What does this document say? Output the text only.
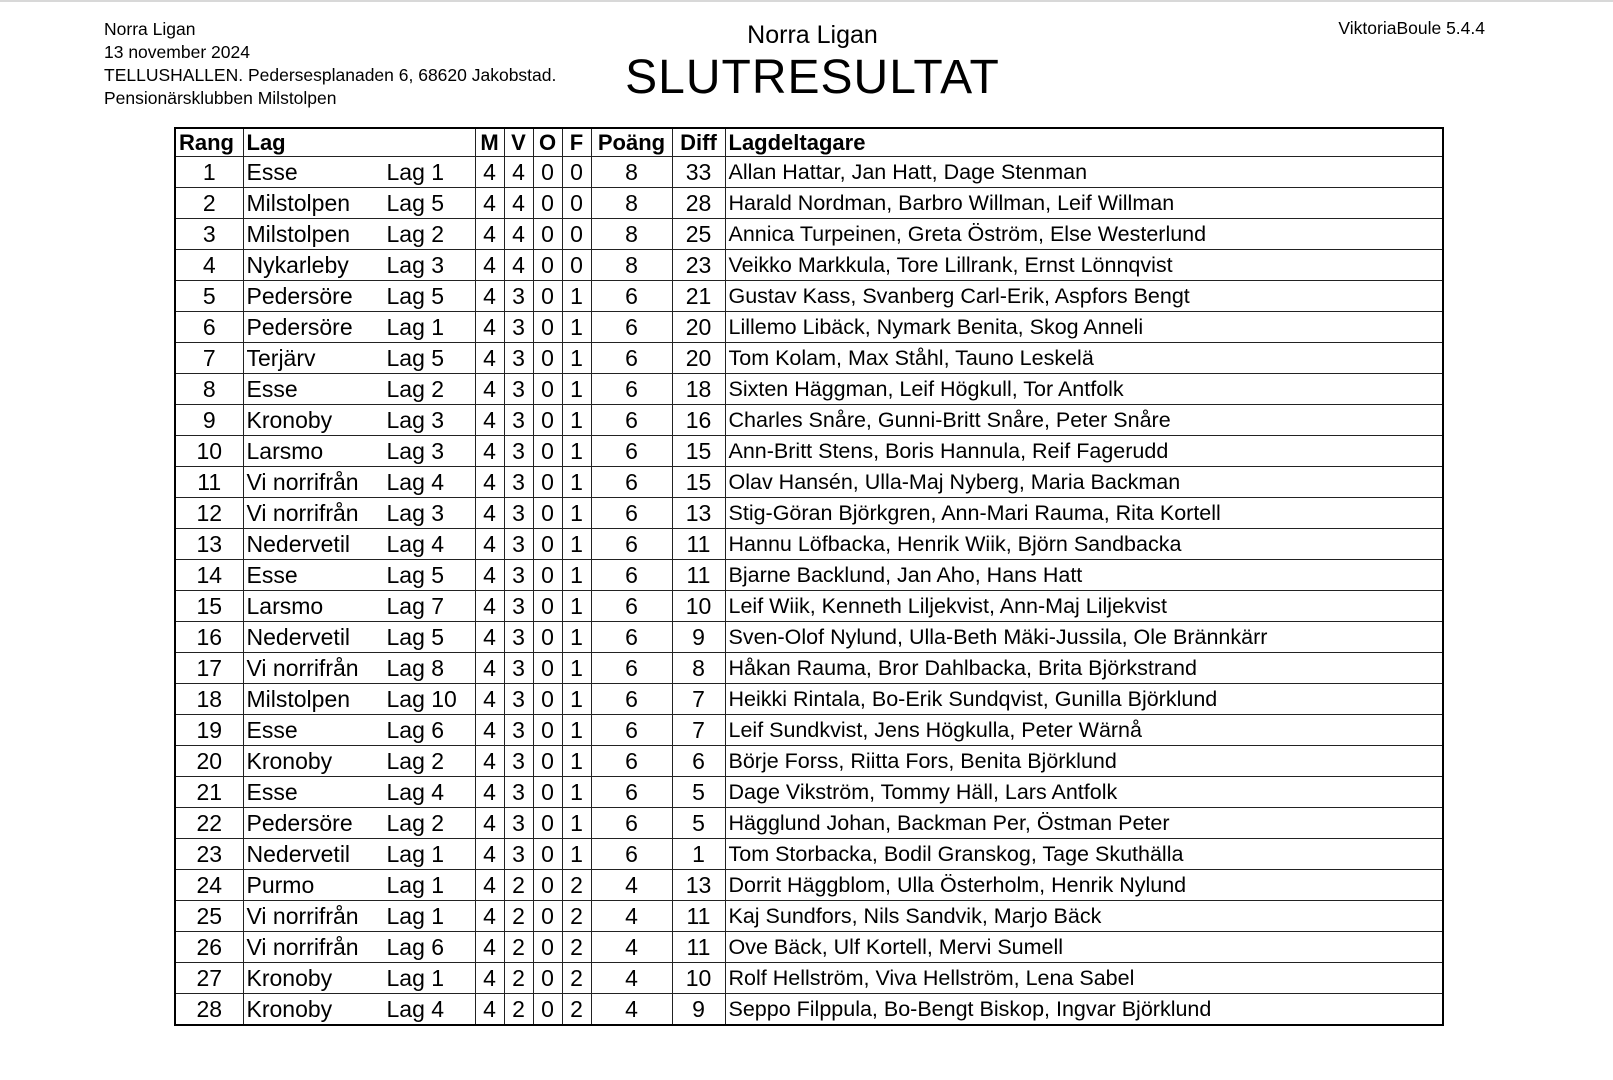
Norra Ligan
13 november 2024
TELLUSHALLEN. Pedersesplanaden 6, 68620 Jakobstad.
Pensionärsklubben Milstolpen
Norra Ligan
SLUTRESULTAT
ViktoriaBoule 5.4.4
Rang	Lag	M	V	O	F	Poäng	Diff	Lagdeltagare
1	Esse Lag 1	4	4	0	0	8	33	Allan Hattar, Jan Hatt, Dage Stenman
2	Milstolpen Lag 5	4	4	0	0	8	28	Harald Nordman, Barbro Willman, Leif Willman
3	Milstolpen Lag 2	4	4	0	0	8	25	Annica Turpeinen, Greta Öström, Else Westerlund
4	Nykarleby Lag 3	4	4	0	0	8	23	Veikko Markkula, Tore Lillrank, Ernst Lönnqvist
5	Pedersöre Lag 5	4	3	0	1	6	21	Gustav Kass, Svanberg Carl-Erik, Aspfors Bengt
6	Pedersöre Lag 1	4	3	0	1	6	20	Lillemo Libäck, Nymark Benita, Skog Anneli
7	Terjärv Lag 5	4	3	0	1	6	20	Tom Kolam, Max Ståhl, Tauno Leskelä
8	Esse Lag 2	4	3	0	1	6	18	Sixten Häggman, Leif Högkull, Tor Antfolk
9	Kronoby Lag 3	4	3	0	1	6	16	Charles Snåre, Gunni-Britt Snåre, Peter Snåre
10	Larsmo Lag 3	4	3	0	1	6	15	Ann-Britt Stens, Boris Hannula, Reif Fagerudd
11	Vi norrifrån Lag 4	4	3	0	1	6	15	Olav Hansén, Ulla-Maj Nyberg, Maria Backman
12	Vi norrifrån Lag 3	4	3	0	1	6	13	Stig-Göran Björkgren, Ann-Mari Rauma, Rita Kortell
13	Nedervetil Lag 4	4	3	0	1	6	11	Hannu Löfbacka, Henrik Wiik, Björn Sandbacka
14	Esse Lag 5	4	3	0	1	6	11	Bjarne Backlund, Jan Aho, Hans Hatt
15	Larsmo Lag 7	4	3	0	1	6	10	Leif Wiik, Kenneth Liljekvist, Ann-Maj Liljekvist
16	Nedervetil Lag 5	4	3	0	1	6	9	Sven-Olof Nylund, Ulla-Beth Mäki-Jussila, Ole Brännkärr
17	Vi norrifrån Lag 8	4	3	0	1	6	8	Håkan Rauma, Bror Dahlbacka, Brita Björkstrand
18	Milstolpen Lag 10	4	3	0	1	6	7	Heikki Rintala, Bo-Erik Sundqvist, Gunilla Björklund
19	Esse Lag 6	4	3	0	1	6	7	Leif Sundkvist, Jens Högkulla, Peter Wärnå
20	Kronoby Lag 2	4	3	0	1	6	6	Börje Forss, Riitta Fors, Benita Björklund
21	Esse Lag 4	4	3	0	1	6	5	Dage Vikström, Tommy Häll, Lars Antfolk
22	Pedersöre Lag 2	4	3	0	1	6	5	Hägglund Johan, Backman Per, Östman Peter
23	Nedervetil Lag 1	4	3	0	1	6	1	Tom Storbacka, Bodil Granskog, Tage Skuthälla
24	Purmo Lag 1	4	2	0	2	4	13	Dorrit Häggblom, Ulla Österholm, Henrik Nylund
25	Vi norrifrån Lag 1	4	2	0	2	4	11	Kaj Sundfors, Nils Sandvik, Marjo Bäck
26	Vi norrifrån Lag 6	4	2	0	2	4	11	Ove Bäck, Ulf Kortell, Mervi Sumell
27	Kronoby Lag 1	4	2	0	2	4	10	Rolf Hellström, Viva Hellström, Lena Sabel
28	Kronoby Lag 4	4	2	0	2	4	9	Seppo Filppula, Bo-Bengt Biskop, Ingvar Björklund
